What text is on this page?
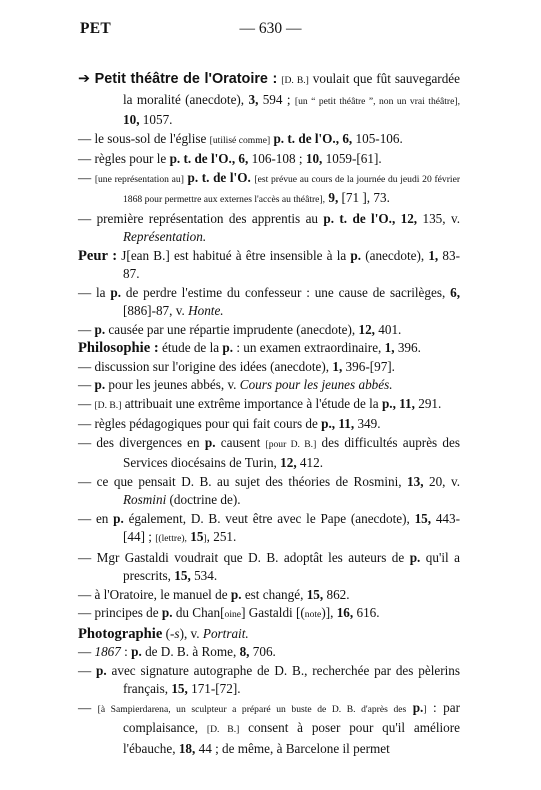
PET	— 630 —

➔ Petit théâtre de l'Oratoire : [D. B.] voulait que fût sauvegardée la moralité (anecdote), 3, 594 ; [un “ petit théâtre ”, non un vrai théâtre], 10, 1057.

— le sous-sol de l'église [utilisé comme] p. t. de l'O., 6, 105-106.

— règles pour le p. t. de l'O., 6, 106-108 ; 10, 1059-[61].

— [une représentation au] p. t. de l'O. [est prévue au cours de la journée du jeudi 20 février 1868 pour permettre aux externes l'accès au théâtre], 9, [71 ], 73.

— première représentation des apprentis au p. t. de l'O., 12, 135, v. Représentation.

Peur : J[ean B.] est habitué à être insensible à la p. (anecdote), 1, 83-87.

— la p. de perdre l'estime du confesseur : une cause de sacrilèges, 6, [886]-87, v. Honte.

— p. causée par une répartie imprudente (anecdote), 12, 401.

Philosophie : étude de la p. : un examen extraordinaire, 1, 396.

— discussion sur l'origine des idées (anecdote), 1, 396-[97].

— p. pour les jeunes abbés, v. Cours pour les jeunes abbés.

— [D. B.] attribuait une extrême importance à l'étude de la p., 11, 291.

— règles pédagogiques pour qui fait cours de p., 11, 349.

— des divergences en p. causent [pour D. B.] des difficultés auprès des Services diocésains de Turin, 12, 412.

— ce que pensait D. B. au sujet des théories de Rosmini, 13, 20, v. Rosmini (doctrine de).

— en p. également, D. B. veut être avec le Pape (anecdote), 15, 443-[44] ; [(lettre), 15], 251.

— Mgr Gastaldi voudrait que D. B. adoptât les auteurs de p. qu'il a prescrits, 15, 534.

— à l'Oratoire, le manuel de p. est changé, 15, 862.

— principes de p. du Chan[oine] Gastaldi [(note)], 16, 616.

Photographie (-s), v. Portrait.

— 1867 : p. de D. B. à Rome, 8, 706.

— p. avec signature autographe de D. B., recherchée par des pèlerins français, 15, 171-[72].

— [à Sampierdarena, un sculpteur a préparé un buste de D. B. d'après des p.] : par complaisance, [D. B.] consent à poser pour qu'il améliore l'ébauche, 18, 44 ; de même, à Barcelone il permet
